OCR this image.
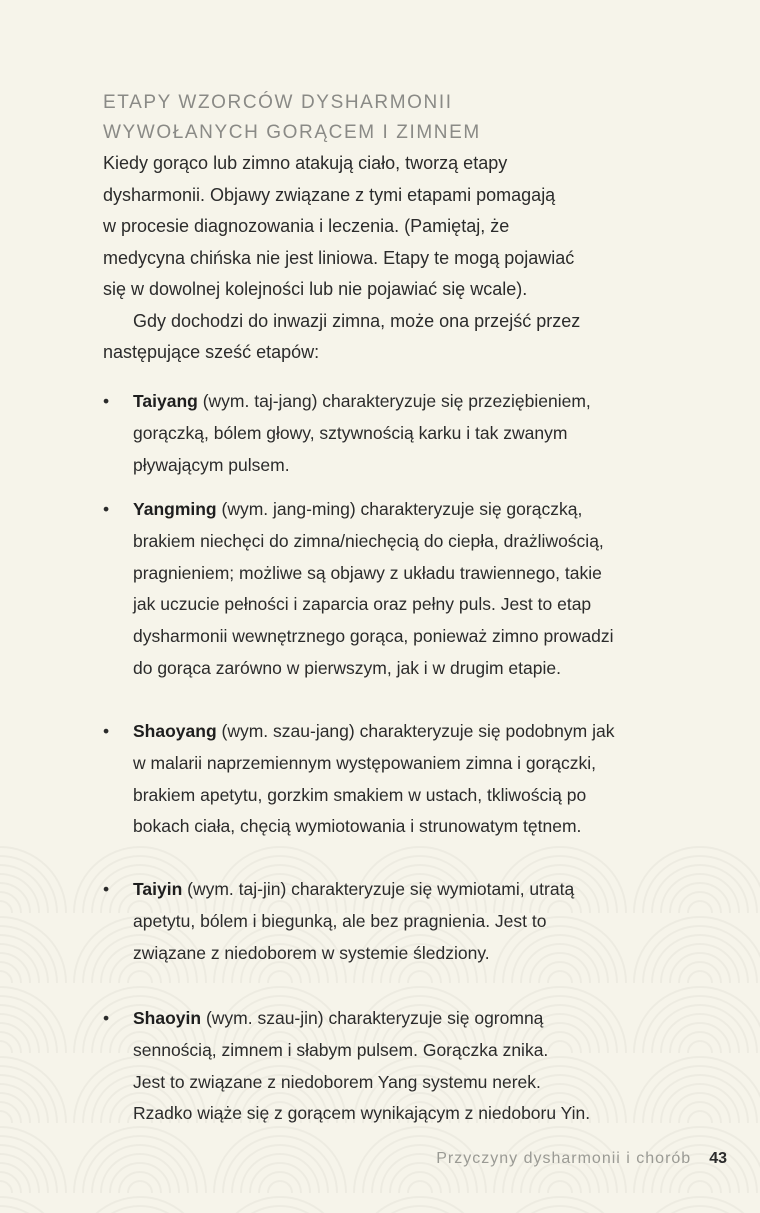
ETAPY WZORCÓW DYSHARMONII
WYWOŁANYCH GORĄCEM I ZIMNEM
Kiedy gorąco lub zimno atakują ciało, tworzą etapy
dysharmonii. Objawy związane z tymi etapami pomagają
w procesie diagnozowania i leczenia. (Pamiętaj, że
medycyna chińska nie jest liniowa. Etapy te mogą pojawiać
się w dowolnej kolejności lub nie pojawiać się wcale).
Gdy dochodzi do inwazji zimna, może ona przejść przez
następujące sześć etapów:
• Taiyang (wym. taj-jang) charakteryzuje się przeziębieniem,
gorączką, bólem głowy, sztywnością karku i tak zwanym
pływającym pulsem.
• Yangming (wym. jang-ming) charakteryzuje się gorączką,
brakiem niechęci do zimna/niechęcią do ciepła, drażliwością,
pragnieniem; możliwe są objawy z układu trawiennego, takie
jak uczucie pełności i zaparcia oraz pełny puls. Jest to etap
dysharmonii wewnętrznego gorąca, ponieważ zimno prowadzi
do gorąca zarówno w pierwszym, jak i w drugim etapie.
• Shaoyang (wym. szau-jang) charakteryzuje się podobnym jak
w malarii naprzemiennym występowaniem zimna i gorączki,
brakiem apetytu, gorzkim smakiem w ustach, tkliwością po
bokach ciała, chęcią wymiotowania i strunowatym tętnem.
• Taiyin (wym. taj-jin) charakteryzuje się wymiotami, utratą
apetytu, bólem i biegunką, ale bez pragnienia. Jest to
związane z niedoborem w systemie śledziony.
• Shaoyin (wym. szau-jin) charakteryzuje się ogromną
sennością, zimnem i słabym pulsem. Gorączka znika.
Jest to związane z niedoborem Yang systemu nerek.
Rzadko wiąże się z gorącem wynikającym z niedoboru Yin.
Przyczyny dysharmonii i chorób 43
